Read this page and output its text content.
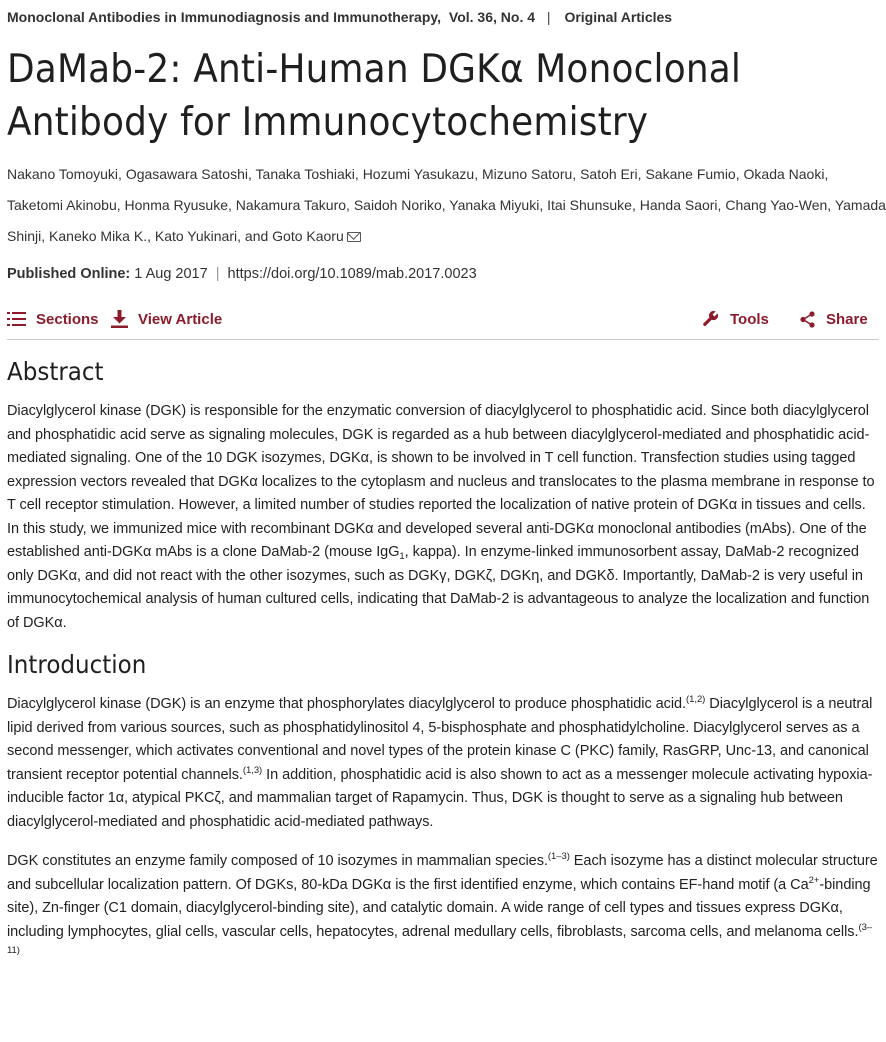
Monoclonal Antibodies in Immunodiagnosis and Immunotherapy, Vol. 36, No. 4 | Original Articles
DaMab-2: Anti-Human DGKα Monoclonal
Antibody for Immunocytochemistry
Nakano Tomoyuki, Ogasawara Satoshi, Tanaka Toshiaki, Hozumi Yasukazu, Mizuno Satoru, Satoh Eri, Sakane Fumio, Okada Naoki, Taketomi Akinobu, Honma Ryusuke, Nakamura Takuro, Saidoh Noriko, Yanaka Miyuki, Itai Shunsuke, Handa Saori, Chang Yao-Wen, Yamada Shinji, Kaneko Mika K., Kato Yukinari, and Goto Kaoru
Published Online: 1 Aug 2017 | https://doi.org/10.1089/mab.2017.0023
Sections	View Article	Tools	Share
Abstract

Diacylglycerol kinase (DGK) is responsible for the enzymatic conversion of diacylglycerol to phosphatidic acid. Since both diacylglycerol and phosphatidic acid serve as signaling molecules, DGK is regarded as a hub between diacylglycerol-mediated and phosphatidic acid-mediated signaling. One of the 10 DGK isozymes, DGKα, is shown to be involved in T cell function. Transfection studies using tagged expression vectors revealed that DGKα localizes to the cytoplasm and nucleus and translocates to the plasma membrane in response to T cell receptor stimulation. However, a limited number of studies reported the localization of native protein of DGKα in tissues and cells. In this study, we immunized mice with recombinant DGKα and developed several anti-DGKα monoclonal antibodies (mAbs). One of the established anti-DGKα mAbs is a clone DaMab-2 (mouse IgG$_1$, kappa). In enzyme-linked immunosorbent assay, DaMab-2 recognized only DGKα, and did not react with the other isozymes, such as DGKγ, DGKζ, DGKη, and DGKδ. Importantly, DaMab-2 is very useful in immunocytochemical analysis of human cultured cells, indicating that DaMab-2 is advantageous to analyze the localization and function of DGKα.

Introduction

Diacylglycerol kinase (DGK) is an enzyme that phosphorylates diacylglycerol to produce phosphatidic acid.$^{(1,2)}$ Diacylglycerol is a neutral lipid derived from various sources, such as phosphatidylinositol 4, 5-bisphosphate and phosphatidylcholine. Diacylglycerol serves as a second messenger, which activates conventional and novel types of the protein kinase C (PKC) family, RasGRP, Unc-13, and canonical transient receptor potential channels.$^{(1,3)}$ In addition, phosphatidic acid is also shown to act as a messenger molecule activating hypoxia-inducible factor 1α, atypical PKCζ, and mammalian target of Rapamycin. Thus, DGK is thought to serve as a signaling hub between diacylglycerol-mediated and phosphatidic acid-mediated pathways.

DGK constitutes an enzyme family composed of 10 isozymes in mammalian species.$^{(1-3)}$ Each isozyme has a distinct molecular structure and subcellular localization pattern. Of DGKs, 80-kDa DGKα is the first identified enzyme, which contains EF-hand motif (a $Ca^{2+}$-binding site), Zn-finger (C1 domain, diacylglycerol-binding site), and catalytic domain. A wide range of cell types and tissues express DGKα, including lymphocytes, glial cells, vascular cells, hepatocytes, adrenal medullary cells, fibroblasts, sarcoma cells, and melanoma cells.$^{(3-11)}$
